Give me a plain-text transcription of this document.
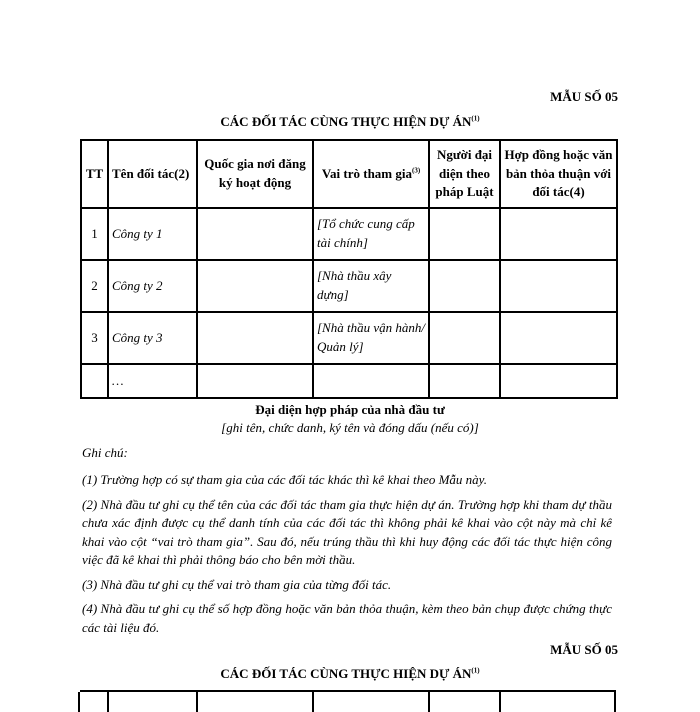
MẪU SỐ 05
CÁC ĐỐI TÁC CÙNG THỰC HIỆN DỰ ÁN$^{(1)}$
TT	Tên đối tác(2)	Quốc gia nơi đăng ký hoạt động	Vai trò tham gia$^{(3)}$	Người đại diện theo pháp Luật	Hợp đồng hoặc văn bản thỏa thuận với đối tác(4)
1	Công ty 1		[Tổ chức cung cấp tài chính]		
2	Công ty 2		[Nhà thầu xây dựng]		
3	Công ty 3		[Nhà thầu vận hành/ Quản lý]		
	…				
Đại diện hợp pháp của nhà đầu tư
[ghi tên, chức danh, ký tên và đóng dấu (nếu có)]

Ghi chú:

(1) Trường hợp có sự tham gia của các đối tác khác thì kê khai theo Mẫu này.

(2) Nhà đầu tư ghi cụ thể tên của các đối tác tham gia thực hiện dự án. Trường hợp khi tham dự thầu chưa xác định được cụ thể danh tính của các đối tác thì không phải kê khai vào cột này mà chỉ kê khai vào cột “vai trò tham gia”. Sau đó, nếu trúng thầu thì khi huy động các đối tác thực hiện công việc đã kê khai thì phải thông báo cho bên mời thầu.

(3) Nhà đầu tư ghi cụ thể vai trò tham gia của từng đối tác.

(4) Nhà đầu tư ghi cụ thể số hợp đồng hoặc văn bản thỏa thuận, kèm theo bản chụp được chứng thực các tài liệu đó.

MẪU SỐ 05
CÁC ĐỐI TÁC CÙNG THỰC HIỆN DỰ ÁN$^{(1)}$
